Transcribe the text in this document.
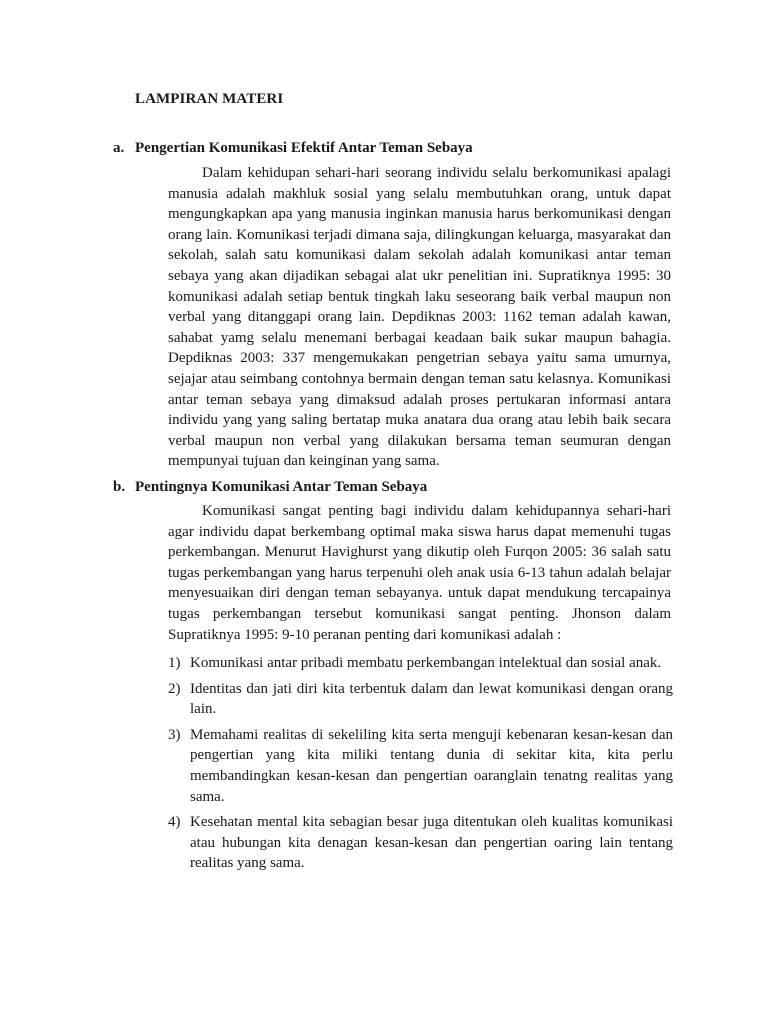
LAMPIRAN MATERI
a. Pengertian Komunikasi Efektif Antar Teman Sebaya

Dalam kehidupan sehari-hari seorang individu selalu berkomunikasi apalagi manusia adalah makhluk sosial yang selalu membutuhkan orang, untuk dapat mengungkapkan apa yang manusia inginkan manusia harus berkomunikasi dengan orang lain. Komunikasi terjadi dimana saja, dilingkungan keluarga, masyarakat dan sekolah, salah satu komunikasi dalam sekolah adalah komunikasi antar teman sebaya yang akan dijadikan sebagai alat ukr penelitian ini. Supratiknya 1995: 30 komunikasi adalah setiap bentuk tingkah laku seseorang baik verbal maupun non verbal yang ditanggapi orang lain. Depdiknas 2003: 1162 teman adalah kawan, sahabat yamg selalu menemani berbagai keadaan baik sukar maupun bahagia. Depdiknas 2003: 337 mengemukakan pengetrian sebaya yaitu sama umurnya, sejajar atau seimbang contohnya bermain dengan teman satu kelasnya. Komunikasi antar teman sebaya yang dimaksud adalah proses pertukaran informasi antara individu yang yang saling bertatap muka anatara dua orang atau lebih baik secara verbal maupun non verbal yang dilakukan bersama teman seumuran dengan mempunyai tujuan dan keinginan yang sama.

b. Pentingnya Komunikasi Antar Teman Sebaya

Komunikasi sangat penting bagi individu dalam kehidupannya sehari-hari agar individu dapat berkembang optimal maka siswa harus dapat memenuhi tugas perkembangan. Menurut Havighurst yang dikutip oleh Furqon 2005: 36 salah satu tugas perkembangan yang harus terpenuhi oleh anak usia 6-13 tahun adalah belajar menyesuaikan diri dengan teman sebayanya. untuk dapat mendukung tercapainya tugas perkembangan tersebut komunikasi sangat penting. Jhonson dalam Supratiknya 1995: 9-10 peranan penting dari komunikasi adalah :

1) Komunikasi antar pribadi membatu perkembangan intelektual dan sosial anak.
2) Identitas dan jati diri kita terbentuk dalam dan lewat komunikasi dengan orang lain.
3) Memahami realitas di sekeliling kita serta menguji kebenaran kesan-kesan dan pengertian yang kita miliki tentang dunia di sekitar kita, kita perlu membandingkan kesan-kesan dan pengertian oaranglain tenatng realitas yang sama.
4) Kesehatan mental kita sebagian besar juga ditentukan oleh kualitas komunikasi atau hubungan kita denagan kesan-kesan dan pengertian oaring lain tentang realitas yang sama.
